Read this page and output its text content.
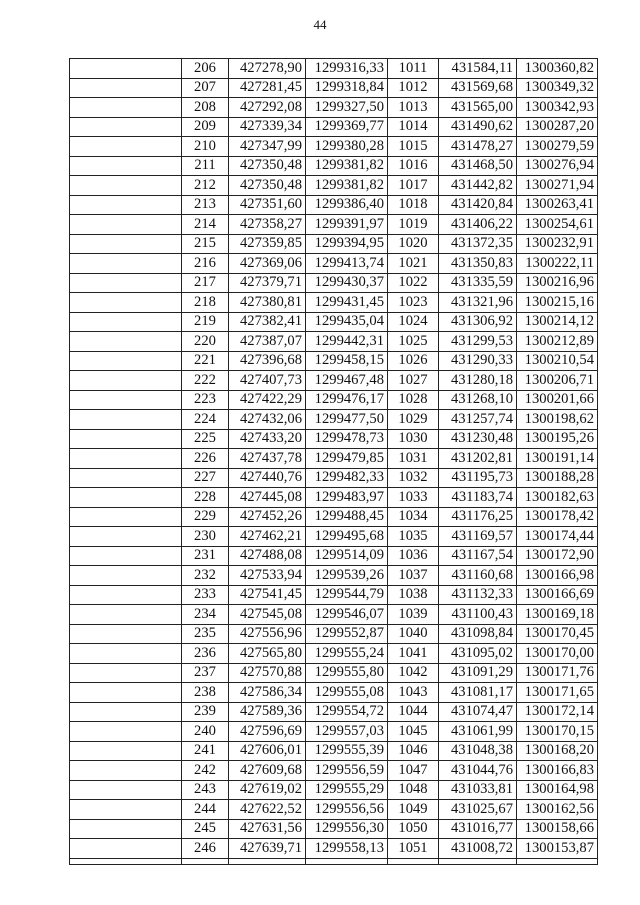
44
	206	427278,90	1299316,33	1011	431584,11	1300360,82
	207	427281,45	1299318,84	1012	431569,68	1300349,32
	208	427292,08	1299327,50	1013	431565,00	1300342,93
	209	427339,34	1299369,77	1014	431490,62	1300287,20
	210	427347,99	1299380,28	1015	431478,27	1300279,59
	211	427350,48	1299381,82	1016	431468,50	1300276,94
	212	427350,48	1299381,82	1017	431442,82	1300271,94
	213	427351,60	1299386,40	1018	431420,84	1300263,41
	214	427358,27	1299391,97	1019	431406,22	1300254,61
	215	427359,85	1299394,95	1020	431372,35	1300232,91
	216	427369,06	1299413,74	1021	431350,83	1300222,11
	217	427379,71	1299430,37	1022	431335,59	1300216,96
	218	427380,81	1299431,45	1023	431321,96	1300215,16
	219	427382,41	1299435,04	1024	431306,92	1300214,12
	220	427387,07	1299442,31	1025	431299,53	1300212,89
	221	427396,68	1299458,15	1026	431290,33	1300210,54
	222	427407,73	1299467,48	1027	431280,18	1300206,71
	223	427422,29	1299476,17	1028	431268,10	1300201,66
	224	427432,06	1299477,50	1029	431257,74	1300198,62
	225	427433,20	1299478,73	1030	431230,48	1300195,26
	226	427437,78	1299479,85	1031	431202,81	1300191,14
	227	427440,76	1299482,33	1032	431195,73	1300188,28
	228	427445,08	1299483,97	1033	431183,74	1300182,63
	229	427452,26	1299488,45	1034	431176,25	1300178,42
	230	427462,21	1299495,68	1035	431169,57	1300174,44
	231	427488,08	1299514,09	1036	431167,54	1300172,90
	232	427533,94	1299539,26	1037	431160,68	1300166,98
	233	427541,45	1299544,79	1038	431132,33	1300166,69
	234	427545,08	1299546,07	1039	431100,43	1300169,18
	235	427556,96	1299552,87	1040	431098,84	1300170,45
	236	427565,80	1299555,24	1041	431095,02	1300170,00
	237	427570,88	1299555,80	1042	431091,29	1300171,76
	238	427586,34	1299555,08	1043	431081,17	1300171,65
	239	427589,36	1299554,72	1044	431074,47	1300172,14
	240	427596,69	1299557,03	1045	431061,99	1300170,15
	241	427606,01	1299555,39	1046	431048,38	1300168,20
	242	427609,68	1299556,59	1047	431044,76	1300166,83
	243	427619,02	1299555,29	1048	431033,81	1300164,98
	244	427622,52	1299556,56	1049	431025,67	1300162,56
	245	427631,56	1299556,30	1050	431016,77	1300158,66
	246	427639,71	1299558,13	1051	431008,72	1300153,87
